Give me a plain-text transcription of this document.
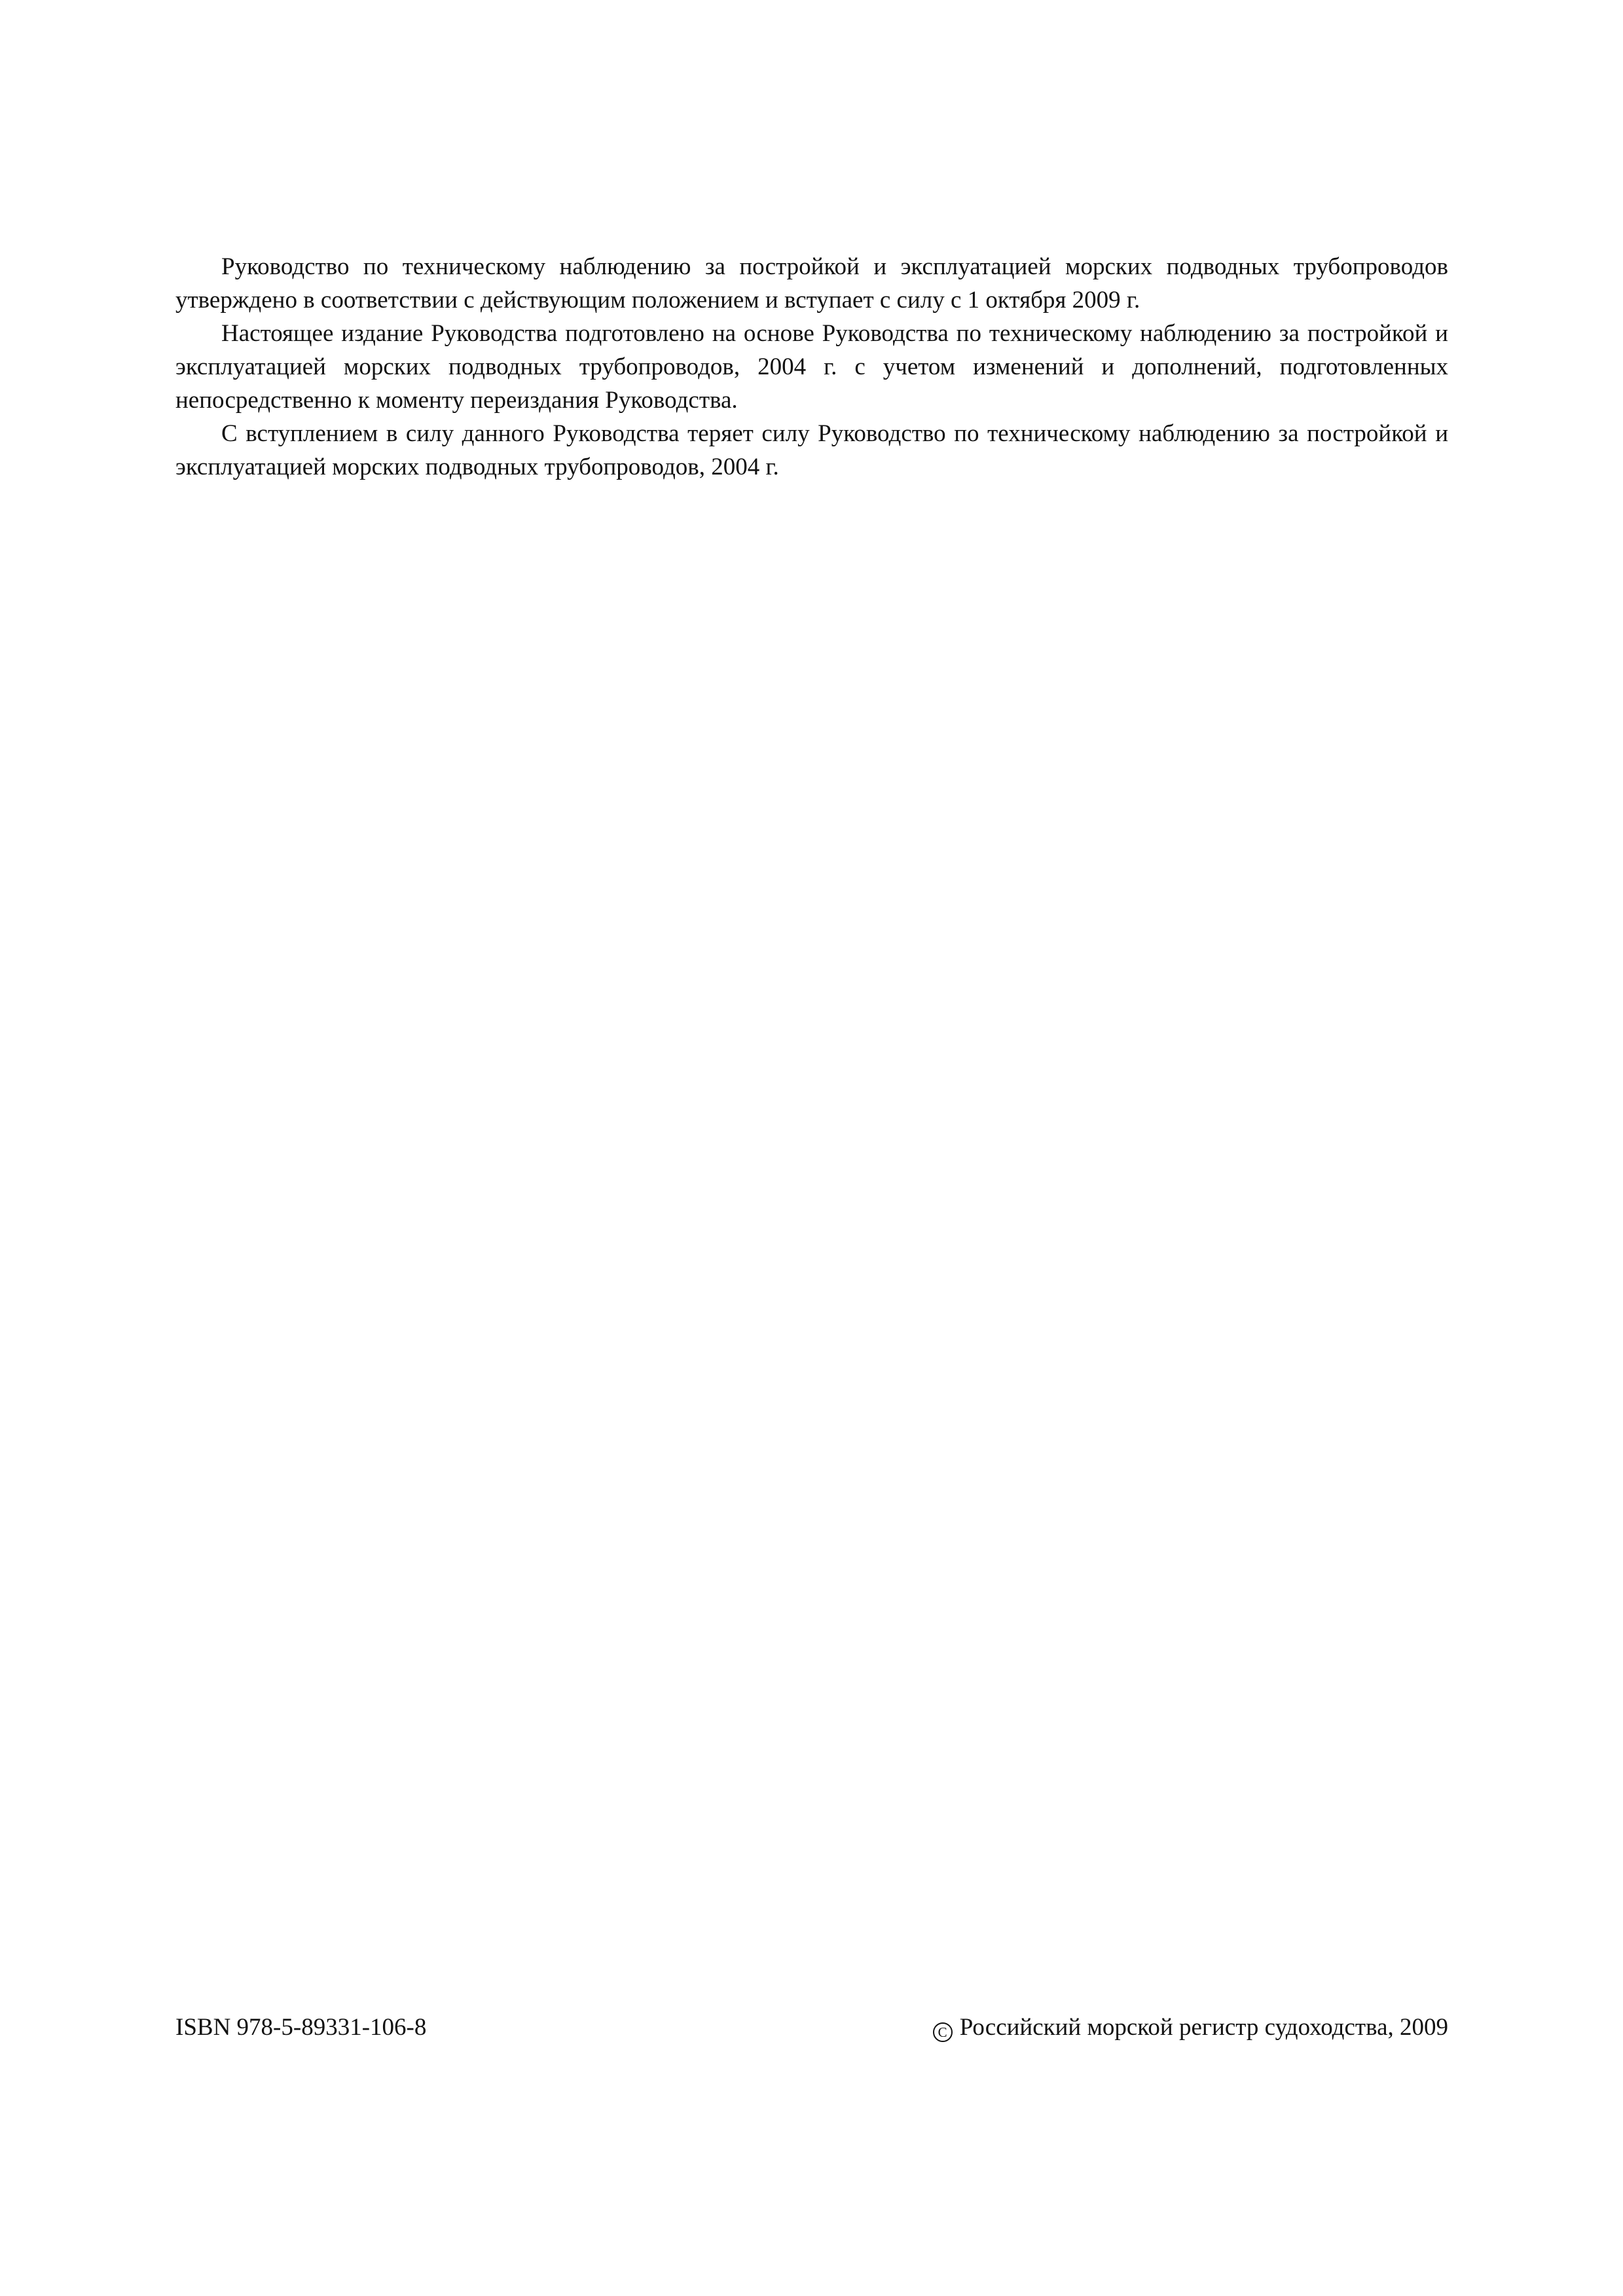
Руководство по техническому наблюдению за постройкой и эксплуатацией морских подводных трубопроводов утверждено в соответствии с действующим положением и вступает с силу с 1 октября 2009 г.

Настоящее издание Руководства подготовлено на основе Руководства по техническому наблюдению за постройкой и эксплуатацией морских подводных трубопроводов, 2004 г. с учетом изменений и дополнений, подготовленных непосредственно к моменту переиздания Руководства.

С вступлением в силу данного Руководства теряет силу Руководство по техническому наблюдению за постройкой и эксплуатацией морских подводных трубопроводов, 2004 г.

ISBN 978-5-89331-106-8	C Российский морской регистр судоходства, 2009
